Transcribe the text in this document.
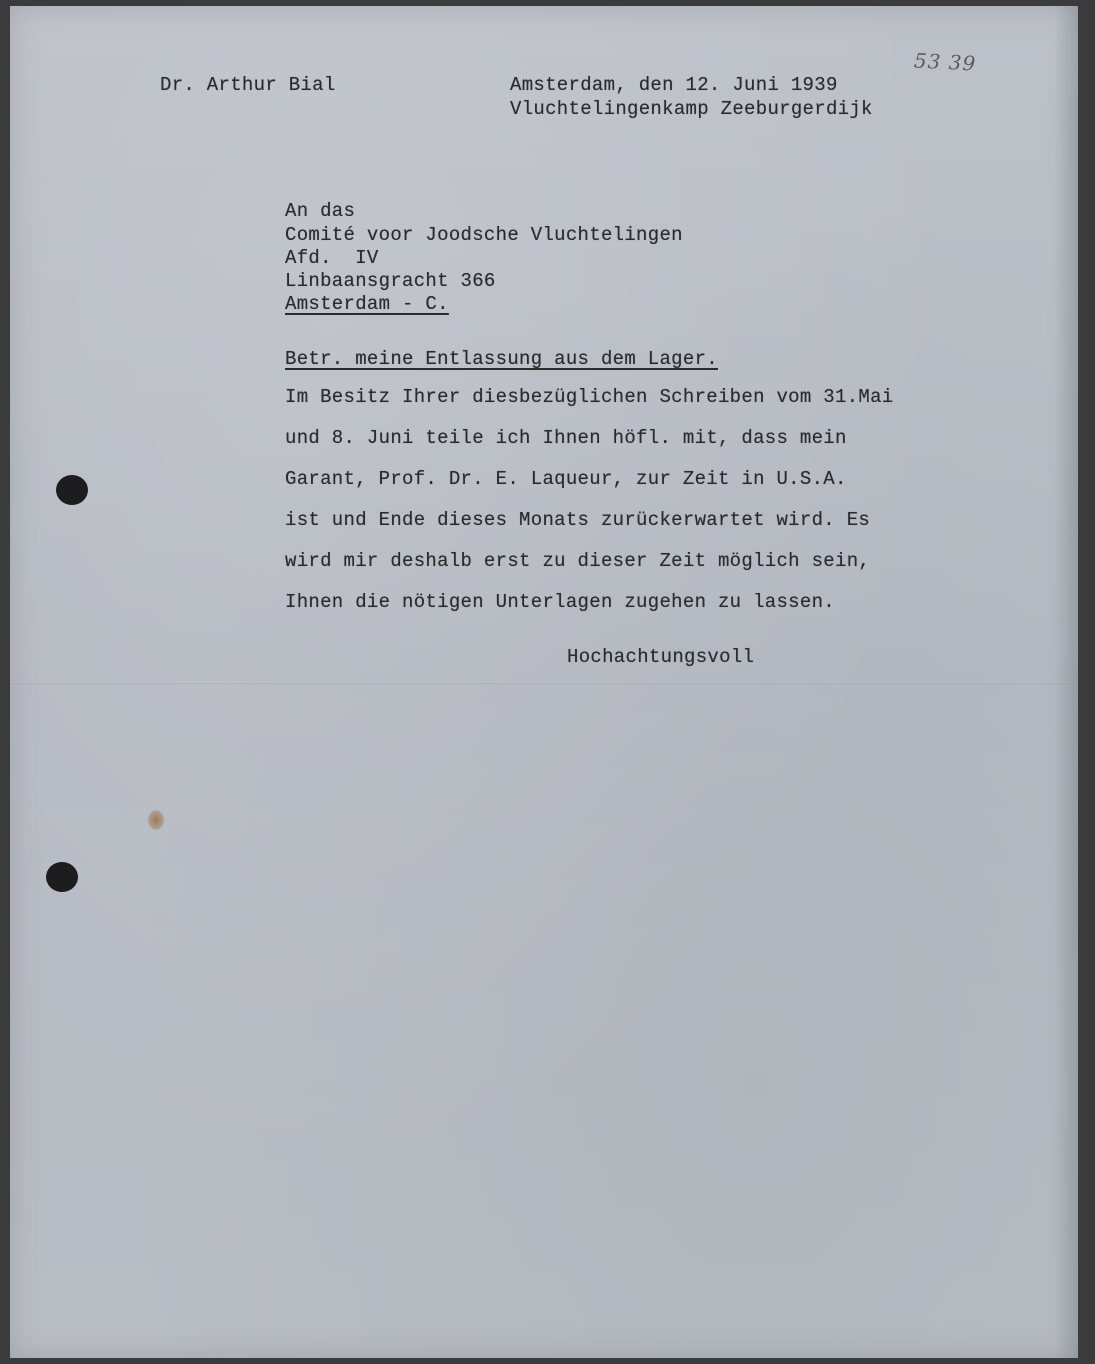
53 39
Dr. Arthur Bial	Amsterdam, den 12. Juni 1939
Vluchtelingenkamp Zeeburgerdijk
An das
Comité voor Joodsche Vluchtelingen
Afd.  IV
Linbaansgracht 366
Amsterdam - C.
Betr. meine Entlassung aus dem Lager.
Im Besitz Ihrer diesbezüglichen Schreiben vom 31.Mai
und 8. Juni teile ich Ihnen höfl. mit, dass mein
Garant, Prof. Dr. E. Laqueur, zur Zeit in U.S.A.
ist und Ende dieses Monats zurückerwartet wird. Es
wird mir deshalb erst zu dieser Zeit möglich sein,
Ihnen die nötigen Unterlagen zugehen zu lassen.
Hochachtungsvoll
